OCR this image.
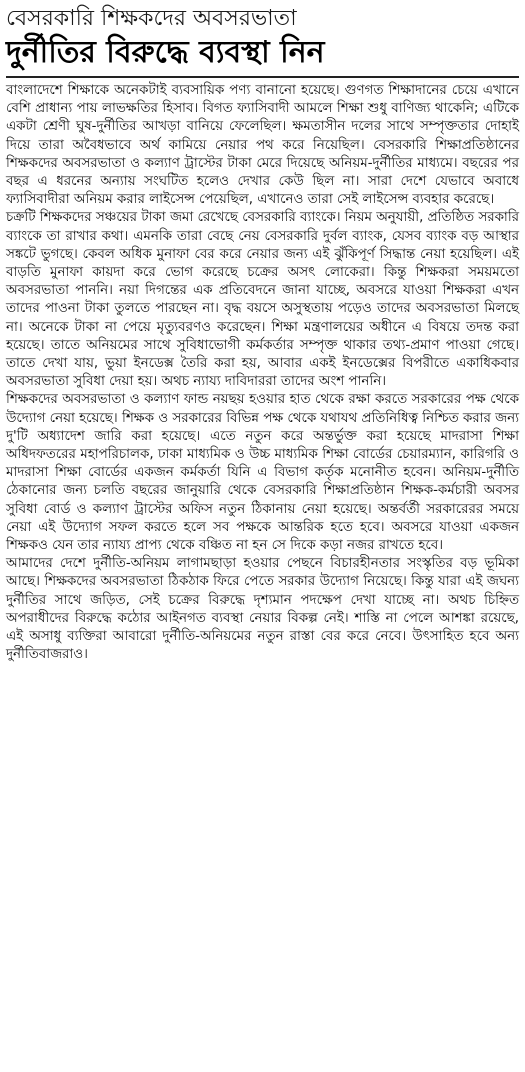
বেসরকারি শিক্ষকদের অবসরভাতা
দুর্নীতির বিরুদ্ধে ব্যবস্থা নিন

বাংলাদেশে শিক্ষাকে অনেকটাই ব্যবসায়িক পণ্য বানানো হয়েছে। গুণগত শিক্ষাদানের চেয়ে এখানে বেশি প্রাধান্য পায় লাভক্ষতির হিসাব। বিগত ফ্যাসিবাদী আমলে শিক্ষা শুধু বাণিজ্য থাকেনি; এটিকে একটা শ্রেণী ঘুষ-দুর্নীতির আখড়া বানিয়ে ফেলেছিল। ক্ষমতাসীন দলের সাথে সম্পৃক্ততার দোহাই দিয়ে তারা অবৈধভাবে অর্থ কামিয়ে নেয়ার পথ করে নিয়েছিল। বেসরকারি শিক্ষাপ্রতিষ্ঠানের শিক্ষকদের অবসরভাতা ও কল্যাণ ট্রাস্টের টাকা মেরে দিয়েছে অনিয়ম-দুর্নীতির মাধ্যমে। বছরের পর বছর এ ধরনের অন্যায় সংঘটিত হলেও দেখার কেউ ছিল না। সারা দেশে যেভাবে অবাধে ফ্যাসিবাদীরা অনিয়ম করার লাইসেন্স পেয়েছিল, এখানেও তারা সেই লাইসেন্স ব্যবহার করেছে।

চক্রটি শিক্ষকদের সঞ্চয়ের টাকা জমা রেখেছে বেসরকারি ব্যাংকে। নিয়ম অনুযায়ী, প্রতিষ্ঠিত সরকারি ব্যাংকে তা রাখার কথা। এমনকি তারা বেছে নেয় বেসরকারি দুর্বল ব্যাংক, যেসব ব্যাংক বড় আস্থার সঙ্কটে ভুগছে। কেবল অধিক মুনাফা বের করে নেয়ার জন্য এই ঝুঁকিপূর্ণ সিদ্ধান্ত নেয়া হয়েছিল। এই বাড়তি মুনাফা কায়দা করে ভোগ করেছে চক্রের অসৎ লোকেরা। কিন্তু শিক্ষকরা সময়মতো অবসরভাতা পাননি। নয়া দিগন্তের এক প্রতিবেদনে জানা যাচ্ছে, অবসরে যাওয়া শিক্ষকরা এখন তাদের পাওনা টাকা তুলতে পারছেন না। বৃদ্ধ বয়সে অসুস্থতায় পড়েও তাদের অবসরভাতা মিলছে না। অনেকে টাকা না পেয়ে মৃত্যুবরণও করেছেন। শিক্ষা মন্ত্রণালয়ের অধীনে এ বিষয়ে তদন্ত করা হয়েছে। তাতে অনিয়মের সাথে সুবিধাভোগী কর্মকর্তার সম্পৃক্ত থাকার তথ্য-প্রমাণ পাওয়া গেছে। তাতে দেখা যায়, ভুয়া ইনডেক্স তৈরি করা হয়, আবার একই ইনডেক্সের বিপরীতে একাধিকবার অবসরভাতা সুবিধা দেয়া হয়। অথচ ন্যায্য দাবিদাররা তাদের অংশ পাননি।

শিক্ষকদের অবসরভাতা ও কল্যাণ ফান্ড নয়ছয় হওয়ার হাত থেকে রক্ষা করতে সরকারের পক্ষ থেকে উদ্যোগ নেয়া হয়েছে। শিক্ষক ও সরকারের বিভিন্ন পক্ষ থেকে যথাযথ প্রতিনিধিত্ব নিশ্চিত করার জন্য দু'টি অধ্যাদেশ জারি করা হয়েছে। এতে নতুন করে অন্তর্ভুক্ত করা হয়েছে মাদরাসা শিক্ষা অধিদফতরের মহাপরিচালক, ঢাকা মাধ্যমিক ও উচ্চ মাধ্যমিক শিক্ষা বোর্ডের চেয়ারম্যান, কারিগরি ও মাদরাসা শিক্ষা বোর্ডের একজন কর্মকর্তা যিনি এ বিভাগ কর্তৃক মনোনীত হবেন। অনিয়ম-দুর্নীতি ঠেকানোর জন্য চলতি বছরের জানুয়ারি থেকে বেসরকারি শিক্ষাপ্রতিষ্ঠান শিক্ষক-কর্মচারী অবসর সুবিধা বোর্ড ও কল্যাণ ট্রাস্টের অফিস নতুন ঠিকানায় নেয়া হয়েছে। অন্তর্বর্তী সরকারেরর সময়ে নেয়া এই উদ্যোগ সফল করতে হলে সব পক্ষকে আন্তরিক হতে হবে। অবসরে যাওয়া একজন শিক্ষকও যেন তার ন্যায্য প্রাপ্য থেকে বঞ্চিত না হন সে দিকে কড়া নজর রাখতে হবে।

আমাদের দেশে দুর্নীতি-অনিয়ম লাগামছাড়া হওয়ার পেছনে বিচারহীনতার সংস্কৃতির বড় ভূমিকা আছে। শিক্ষকদের অবসরভাতা ঠিকঠাক ফিরে পেতে সরকার উদ্যোগ নিয়েছে। কিন্তু যারা এই জঘন্য দুর্নীতির সাথে জড়িত, সেই চক্রের বিরুদ্ধে দৃশ্যমান পদক্ষেপ দেখা যাচ্ছে না। অথচ চিহ্নিত অপরাধীদের বিরুদ্ধে কঠোর আইনগত ব্যবস্থা নেয়ার বিকল্প নেই। শাস্তি না পেলে আশঙ্কা রয়েছে, এই অসাধু ব্যক্তিরা আবারো দুর্নীতি-অনিয়মের নতুন রাস্তা বের করে নেবে। উৎসাহিত হবে অন্য দুর্নীতিবাজরাও।
